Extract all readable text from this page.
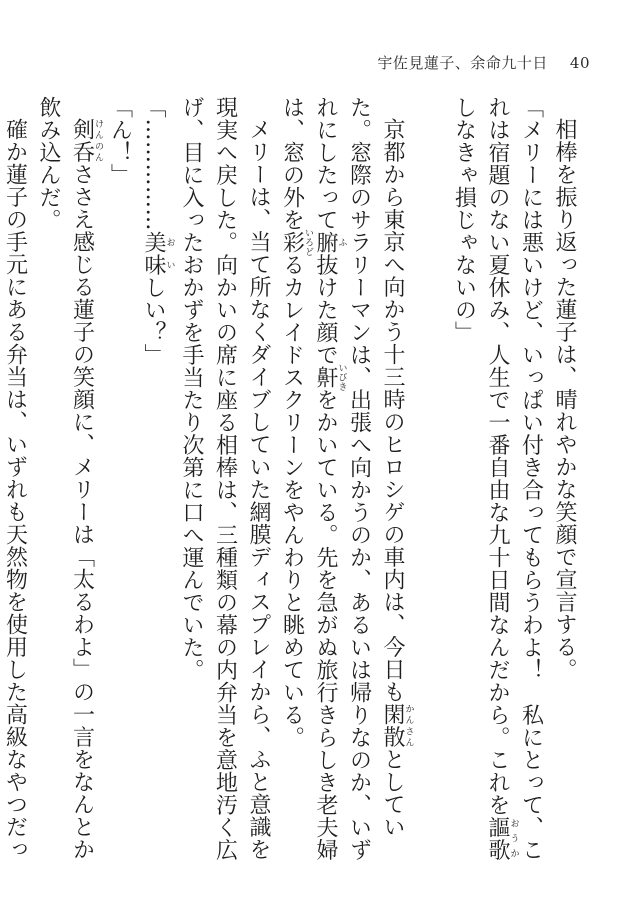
宇佐見蓮子、余命九十日 40

相棒を振り返った蓮子は、晴れやかな笑顔で宣言する。

「メリーには悪いけど、いっぱい付き合ってもらうわよ！　私にとって、これは宿題のない夏休み、人生で一番自由な九十日間なんだから。これを謳歌おうかしなきゃ損じゃないの」

京都から東京へ向かう十三時のヒロシゲの車内は、今日も閑散かんさんとしていた。窓際のサラリーマンは、出張へ向かうのか、あるいは帰りなのか、いずれにしたって腑ふ抜けた顔で鼾いびきをかいている。先を急がぬ旅行きらしき老夫婦は、窓の外を彩いろどるカレイドスクリーンをやんわりと眺めている。

メリーは、当て所なくダイブしていた網膜ディスプレイから、ふと意識を現実へ戻した。向かいの席に座る相棒は、三種類の幕の内弁当を意地汚く広げ、目に入ったおかずを手当たり次第に口へ運んでいた。

「……………美味おいしい？」

「ん！」

剣呑けんのんささえ感じる蓮子の笑顔に、メリーは「太るわよ」の一言をなんとか飲み込んだ。

確か蓮子の手元にある弁当は、いずれも天然物を使用した高級なやつだっ
